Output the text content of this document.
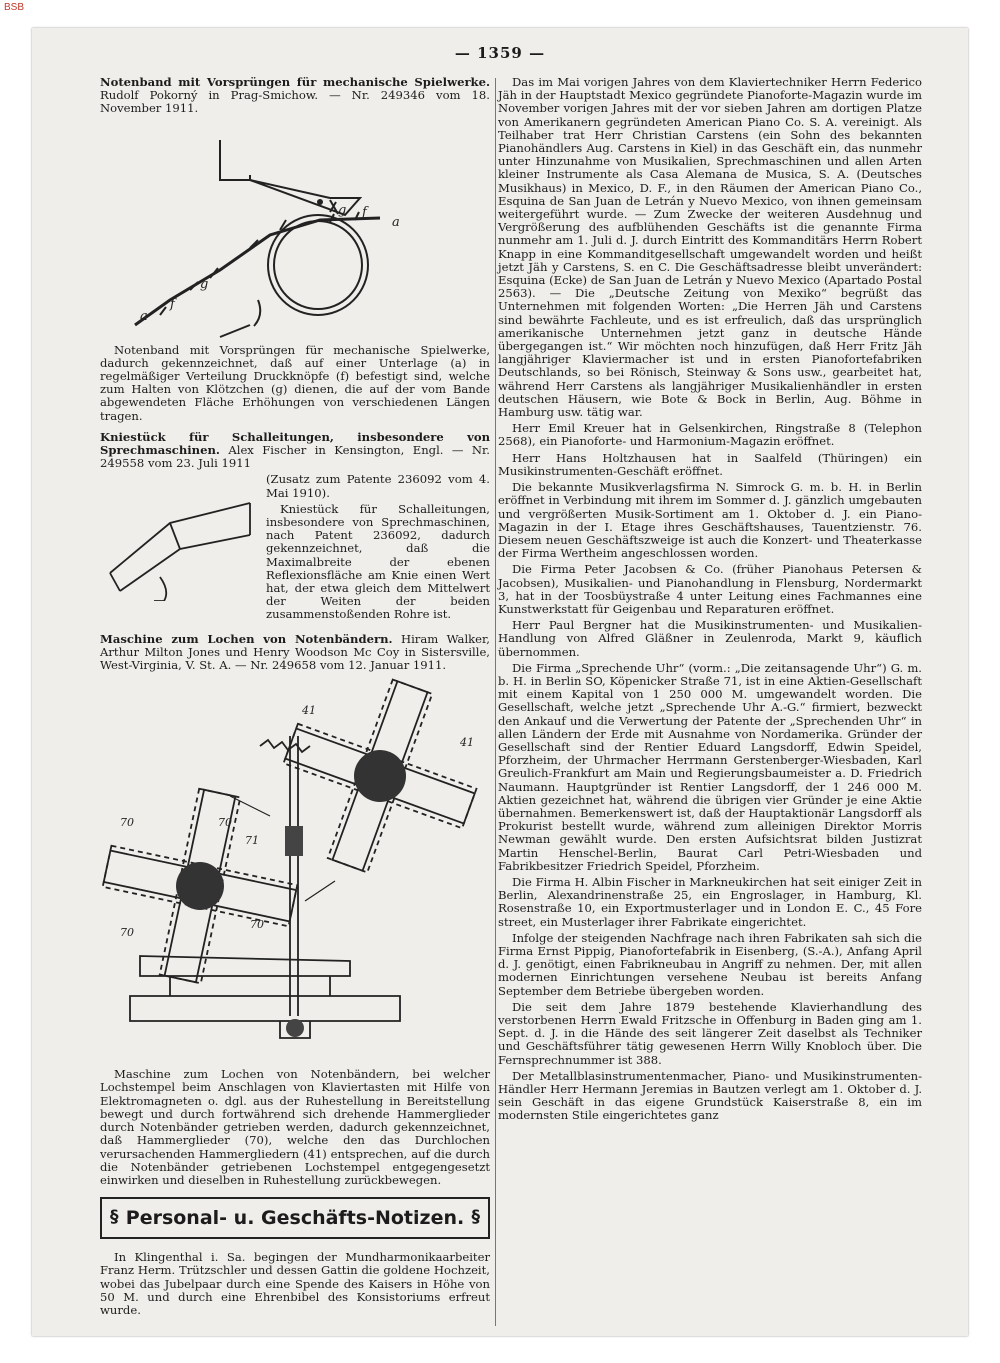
BSB
— 1359 —

Notenband mit Vorsprüngen für mechanische Spielwerke. Rudolf Pokorný in Prag-Smichow. — Nr. 249346 vom 18. November 1911.

a
f
g
a
f
g

Notenband mit Vorsprüngen für mechanische Spielwerke, dadurch gekennzeichnet, daß auf einer Unterlage (a) in regelmäßiger Verteilung Druckknöpfe (f) befestigt sind, welche zum Halten von Klötzchen (g) dienen, die auf der vom Bande abgewendeten Fläche Erhöhungen von verschiedenen Längen tragen.

Kniestück für Schalleitungen, insbesondere von Sprechmaschinen. Alex Fischer in Kensington, Engl. — Nr. 249558 vom 23. Juli 1911

(Zusatz zum Patente 236092 vom 4. Mai 1910).

Kniestück für Schalleitungen, insbesondere von Sprechmaschinen, nach Patent 236092, dadurch gekennzeichnet, daß die Maximalbreite der ebenen Reflexionsfläche am Knie einen Wert hat, der etwa gleich dem Mittelwert der Weiten der beiden zusammenstoßenden Rohre ist.

Maschine zum Lochen von Notenbändern. Hiram Walker, Arthur Milton Jones und Henry Woodson Mc Coy in Sistersville, West-Virginia, V. St. A. — Nr. 249658 vom 12. Januar 1911.

41
41
70	70
71
70
70

Maschine zum Lochen von Notenbändern, bei welcher Lochstempel beim Anschlagen von Klaviertasten mit Hilfe von Elektromagneten o. dgl. aus der Ruhestellung in Bereitstellung bewegt und durch fortwährend sich drehende Hammerglieder durch Notenbänder getrieben werden, dadurch gekennzeichnet, daß Hammerglieder (70), welche den das Durchlochen verursachenden Hammergliedern (41) entsprechen, auf die durch die Notenbänder getriebenen Lochstempel entgegengesetzt einwirken und dieselben in Ruhestellung zurückbewegen.

§ Personal- u. Geschäfts-Notizen. §

In Klingenthal i. Sa. begingen der Mundharmonikaarbeiter Franz Herm. Trützschler und dessen Gattin die goldene Hochzeit, wobei das Jubelpaar durch eine Spende des Kaisers in Höhe von 50 M. und durch eine Ehrenbibel des Konsistoriums erfreut wurde.

Das im Mai vorigen Jahres von dem Klaviertechniker Herrn Federico Jäh in der Hauptstadt Mexico gegründete Pianoforte-Magazin wurde im November vorigen Jahres mit der vor sieben Jahren am dortigen Platze von Amerikanern gegründeten American Piano Co. S. A. vereinigt. Als Teilhaber trat Herr Christian Carstens (ein Sohn des bekannten Pianohändlers Aug. Carstens in Kiel) in das Geschäft ein, das nunmehr unter Hinzunahme von Musikalien, Sprechmaschinen und allen Arten kleiner Instrumente als Casa Alemana de Musica, S. A. (Deutsches Musikhaus) in Mexico, D. F., in den Räumen der American Piano Co., Esquina de San Juan de Letrán y Nuevo Mexico, von ihnen gemeinsam weitergeführt wurde. — Zum Zwecke der weiteren Ausdehnug und Vergrößerung des aufblühenden Geschäfts ist die genannte Firma nunmehr am 1. Juli d. J. durch Eintritt des Kommanditärs Herrn Robert Knapp in eine Kommanditgesellschaft umgewandelt worden und heißt jetzt Jäh y Carstens, S. en C. Die Geschäftsadresse bleibt unverändert: Esquina (Ecke) de San Juan de Letrán y Nuevo Mexico (Apartado Postal 2563). — Die „Deutsche Zeitung von Mexiko“ begrüßt das Unternehmen mit folgenden Worten: „Die Herren Jäh und Carstens sind bewährte Fachleute, und es ist erfreulich, daß das ursprünglich amerikanische Unternehmen jetzt ganz in deutsche Hände übergegangen ist.“ Wir möchten noch hinzufügen, daß Herr Fritz Jäh langjähriger Klaviermacher ist und in ersten Pianofortefabriken Deutschlands, so bei Rönisch, Steinway & Sons usw., gearbeitet hat, während Herr Carstens als langjähriger Musikalienhändler in ersten deutschen Häusern, wie Bote & Bock in Berlin, Aug. Böhme in Hamburg usw. tätig war.

Herr Emil Kreuer hat in Gelsenkirchen, Ringstraße 8 (Telephon 2568), ein Pianoforte- und Harmonium-Magazin eröffnet.

Herr Hans Holtzhausen hat in Saalfeld (Thüringen) ein Musikinstrumenten-Geschäft eröffnet.

Die bekannte Musikverlagsfirma N. Simrock G. m. b. H. in Berlin eröffnet in Verbindung mit ihrem im Sommer d. J. gänzlich umgebauten und vergrößerten Musik-Sortiment am 1. Oktober d. J. ein Piano-Magazin in der I. Etage ihres Geschäftshauses, Tauentzienstr. 76. Diesem neuen Geschäftszweige ist auch die Konzert- und Theaterkasse der Firma Wertheim angeschlossen worden.

Die Firma Peter Jacobsen & Co. (früher Pianohaus Petersen & Jacobsen), Musikalien- und Pianohandlung in Flensburg, Nordermarkt 3, hat in der Toosbüystraße 4 unter Leitung eines Fachmannes eine Kunstwerkstatt für Geigenbau und Reparaturen eröffnet.

Herr Paul Bergner hat die Musikinstrumenten- und Musikalien-Handlung von Alfred Gläßner in Zeulenroda, Markt 9, käuflich übernommen.

Die Firma „Sprechende Uhr“ (vorm.: „Die zeitansagende Uhr“) G. m. b. H. in Berlin SO, Köpenicker Straße 71, ist in eine Aktien-Gesellschaft mit einem Kapital von 1 250 000 M. umgewandelt worden. Die Gesellschaft, welche jetzt „Sprechende Uhr A.-G.“ firmiert, bezweckt den Ankauf und die Verwertung der Patente der „Sprechenden Uhr“ in allen Ländern der Erde mit Ausnahme von Nordamerika. Gründer der Gesellschaft sind der Rentier Eduard Langsdorff, Edwin Speidel, Pforzheim, der Uhrmacher Herrmann Gerstenberger-Wiesbaden, Karl Greulich-Frankfurt am Main und Regierungsbaumeister a. D. Friedrich Naumann. Hauptgründer ist Rentier Langsdorff, der 1 246 000 M. Aktien gezeichnet hat, während die übrigen vier Gründer je eine Aktie übernahmen. Bemerkenswert ist, daß der Hauptaktionär Langsdorff als Prokurist bestellt wurde, während zum alleinigen Direktor Morris Newman gewählt wurde. Den ersten Aufsichtsrat bilden Justizrat Martin Henschel-Berlin, Baurat Carl Petri-Wiesbaden und Fabrikbesitzer Friedrich Speidel, Pforzheim.

Die Firma H. Albin Fischer in Markneukirchen hat seit einiger Zeit in Berlin, Alexandrinenstraße 25, ein Engroslager, in Hamburg, Kl. Rosenstraße 10, ein Exportmusterlager und in London E. C., 45 Fore street, ein Musterlager ihrer Fabrikate eingerichtet.

Infolge der steigenden Nachfrage nach ihren Fabrikaten sah sich die Firma Ernst Pippig, Pianofortefabrik in Eisenberg, (S.-A.), Anfang April d. J. genötigt, einen Fabrikneubau in Angriff zu nehmen. Der, mit allen modernen Einrichtungen versehene Neubau ist bereits Anfang September dem Betriebe übergeben worden.

Die seit dem Jahre 1879 bestehende Klavierhandlung des verstorbenen Herrn Ewald Fritzsche in Offenburg in Baden ging am 1. Sept. d. J. in die Hände des seit längerer Zeit daselbst als Techniker und Geschäftsführer tätig gewesenen Herrn Willy Knobloch über. Die Fernsprechnummer ist 388.

Der Metallblasinstrumentenmacher, Piano- und Musikinstrumenten-Händler Herr Hermann Jeremias in Bautzen verlegt am 1. Oktober d. J. sein Geschäft in das eigene Grundstück Kaiserstraße 8, ein im modernsten Stile eingerichtetes ganz
